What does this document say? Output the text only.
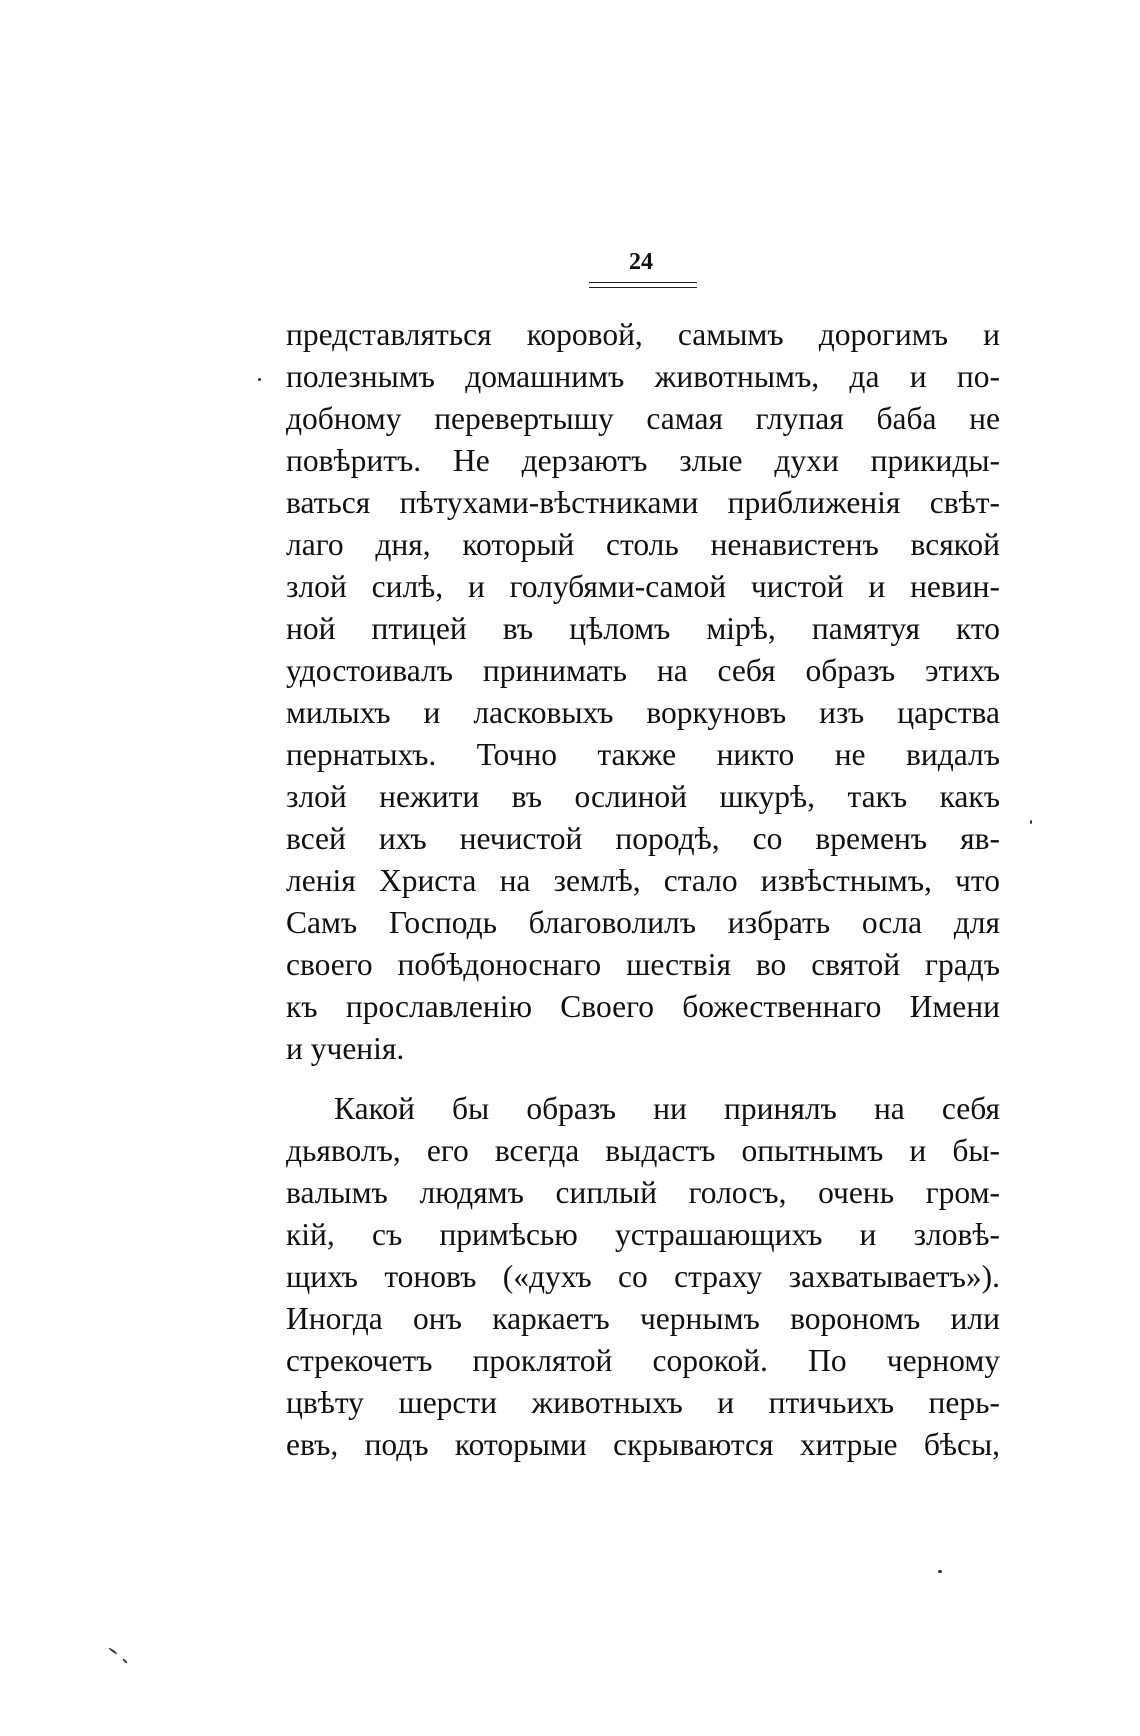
24
представляться коровой, самымъ дорогимъ и
полезнымъ домашнимъ животнымъ, да и по-
добному перевертышу самая глупая баба не
повѣритъ. Не дерзаютъ злые духи прикиды-
ваться пѣтухами-вѣстниками приближенія свѣт-
лаго дня, который столь ненавистенъ всякой
злой силѣ, и голубями-самой чистой и невин-
ной птицей въ цѣломъ мірѣ, памятуя кто
удостоивалъ принимать на себя образъ этихъ
милыхъ и ласковыхъ воркуновъ изъ царства
пернатыхъ. Точно также никто не видалъ
злой нежити въ ослиной шкурѣ, такъ какъ
всей ихъ нечистой породѣ, со временъ яв-
ленія Христа на землѣ, стало извѣстнымъ, что
Самъ Господь благоволилъ избрать осла для
своего побѣдоноснаго шествія во святой градъ
къ прославленію Своего божественнаго Имени
и ученія.
Какой бы образъ ни принялъ на себя
дьяволъ, его всегда выдастъ опытнымъ и бы-
валымъ людямъ сиплый голосъ, очень гром-
кій, съ примѣсью устрашающихъ и зловѣ-
щихъ тоновъ («духъ со страху захватываетъ»).
Иногда онъ каркаетъ чернымъ ворономъ или
стрекочетъ проклятой сорокой. По черному
цвѣту шерсти животныхъ и птичьихъ перь-
евъ, подъ которыми скрываются хитрые бѣсы,
